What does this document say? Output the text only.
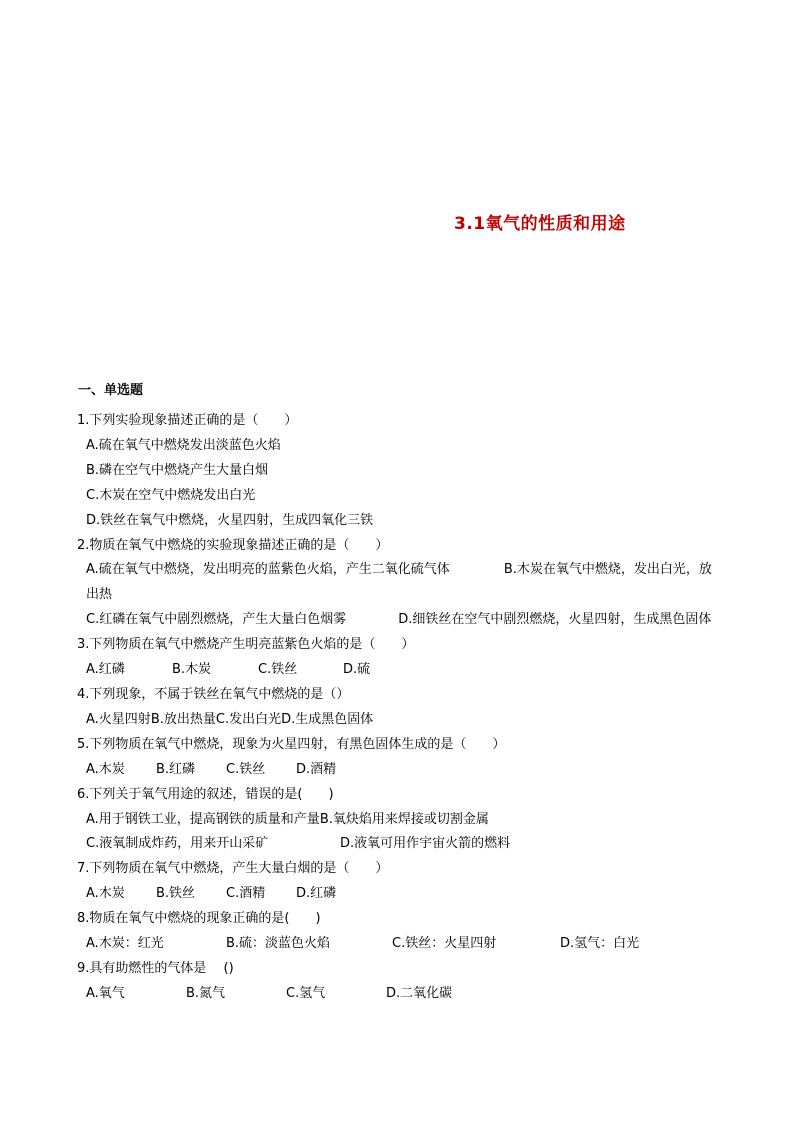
3.1氧气的性质和用途
一、单选题
1.下列实验现象描述正确的是（　　）
A.硫在氧气中燃烧发出淡蓝色火焰
B.磷在空气中燃烧产生大量白烟
C.木炭在空气中燃烧发出白光
D.铁丝在氧气中燃烧，火星四射，生成四氧化三铁
2.物质在氧气中燃烧的实验现象描述正确的是（　　）
A.硫在氧气中燃烧，发出明亮的蓝紫色火焰，产生二氧化硫气体	B.木炭在氧气中燃烧，发出白光，放出热
C.红磷在氧气中剧烈燃烧，产生大量白色烟雾	D.细铁丝在空气中剧烈燃烧，火星四射，生成黑色固体
3.下列物质在氧气中燃烧产生明亮蓝紫色火焰的是（　　）
A.红磷	B.木炭	C.铁丝	D.硫
4.下列现象，不属于铁丝在氧气中燃烧的是（）
A.火星四射B.放出热量C.发出白光D.生成黑色固体
5.下列物质在氧气中燃烧，现象为火星四射，有黑色固体生成的是（　　）
A.木炭 B.红磷 C.铁丝 D.酒精
6.下列关于氧气用途的叙述，错误的是(　　)
A.用于钢铁工业，提高钢铁的质量和产量B.氧炔焰用来焊接或切割金属
C.液氧制成炸药，用来开山采矿	D.液氧可用作宇宙火箭的燃料
7.下列物质在氧气中燃烧，产生大量白烟的是（　　）
A.木炭 B.铁丝 C.酒精 D.红磷
8.物质在氧气中燃烧的现象正确的是(　　)
A.木炭：红光	B.硫：淡蓝色火焰	C.铁丝：火星四射	D.氢气：白光
9.具有助燃性的气体是　 ()
A.氧气	B.氮气	C.氢气	D.二氧化碳
